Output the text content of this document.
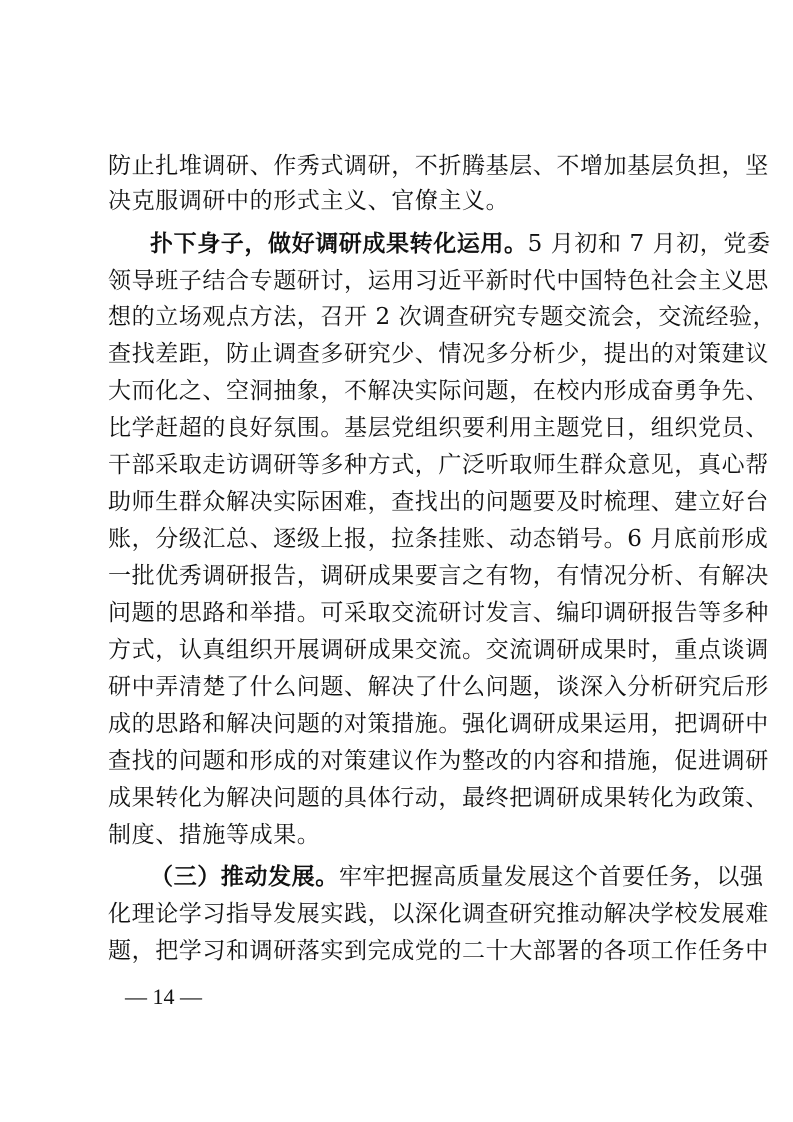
防止扎堆调研、作秀式调研，不折腾基层、不增加基层负担，坚
决克服调研中的形式主义、官僚主义。
扑下身子，做好调研成果转化运用。5 月初和 7 月初，党委
领导班子结合专题研讨，运用习近平新时代中国特色社会主义思
想的立场观点方法，召开 2 次调查研究专题交流会，交流经验，
查找差距，防止调查多研究少、情况多分析少，提出的对策建议
大而化之、空洞抽象，不解决实际问题，在校内形成奋勇争先、
比学赶超的良好氛围。基层党组织要利用主题党日，组织党员、
干部采取走访调研等多种方式，广泛听取师生群众意见，真心帮
助师生群众解决实际困难，查找出的问题要及时梳理、建立好台
账，分级汇总、逐级上报，拉条挂账、动态销号。6 月底前形成
一批优秀调研报告，调研成果要言之有物，有情况分析、有解决
问题的思路和举措。可采取交流研讨发言、编印调研报告等多种
方式，认真组织开展调研成果交流。交流调研成果时，重点谈调
研中弄清楚了什么问题、解决了什么问题，谈深入分析研究后形
成的思路和解决问题的对策措施。强化调研成果运用，把调研中
查找的问题和形成的对策建议作为整改的内容和措施，促进调研
成果转化为解决问题的具体行动，最终把调研成果转化为政策、
制度、措施等成果。
（三）推动发展。牢牢把握高质量发展这个首要任务，以强
化理论学习指导发展实践，以深化调查研究推动解决学校发展难
题，把学习和调研落实到完成党的二十大部署的各项工作任务中
— 14 —
